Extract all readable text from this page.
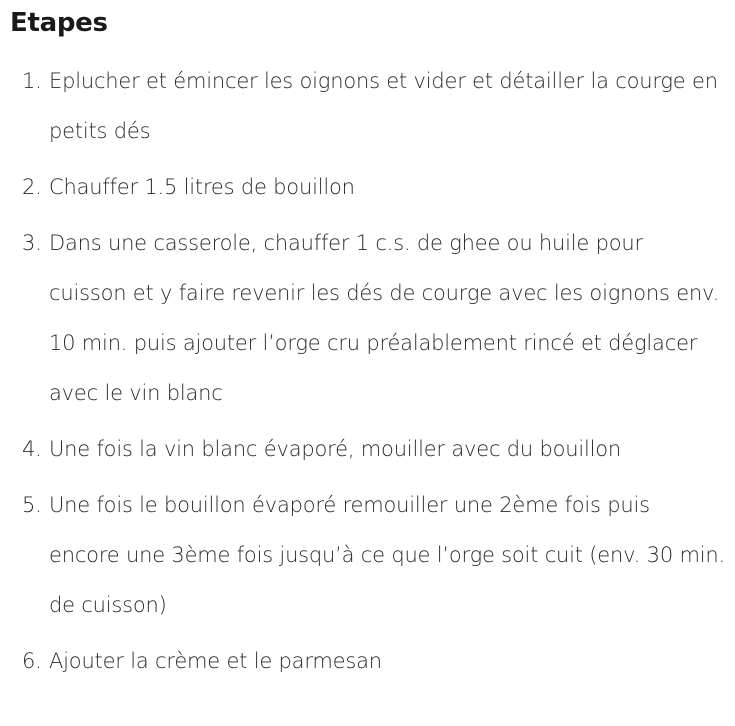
Etapes
1. Eplucher et émincer les oignons et vider et détailler la courge en petits dés
2. Chauffer 1.5 litres de bouillon
3. Dans une casserole, chauffer 1 c.s. de ghee ou huile pour cuisson et y faire revenir les dés de courge avec les oignons env. 10 min. puis ajouter l’orge cru préalablement rincé et déglacer avec le vin blanc
4. Une fois la vin blanc évaporé, mouiller avec du bouillon
5. Une fois le bouillon évaporé remouiller une 2ème fois puis encore une 3ème fois jusqu’à ce que l’orge soit cuit (env. 30 min. de cuisson)
6. Ajouter la crème et le parmesan
